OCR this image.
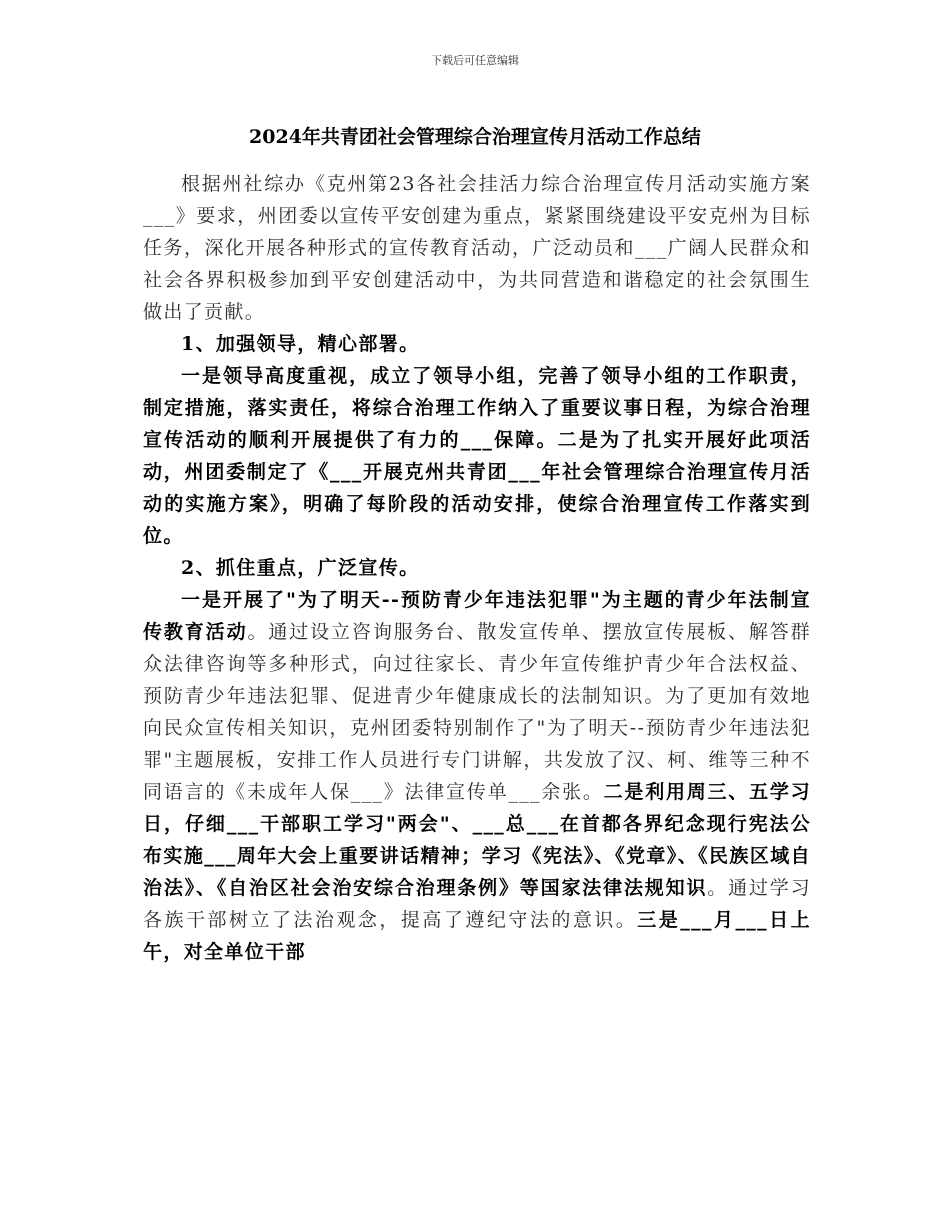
下载后可任意编辑
2024年共青团社会管理综合治理宣传月活动工作总结

根据州社综办《克州第23各社会挂活力综合治理宣传月活动实施方案___》要求，州团委以宣传平安创建为重点，紧紧围绕建设平安克州为目标任务，深化开展各种形式的宣传教育活动，广泛动员和___广阔人民群众和社会各界积极参加到平安创建活动中，为共同营造和谐稳定的社会氛围生做出了贡献。

1、加强领导，精心部署。

一是领导高度重视，成立了领导小组，完善了领导小组的工作职责，制定措施，落实责任，将综合治理工作纳入了重要议事日程，为综合治理宣传活动的顺利开展提供了有力的___保障。二是为了扎实开展好此项活动，州团委制定了《___开展克州共青团___年社会管理综合治理宣传月活动的实施方案》，明确了每阶段的活动安排，使综合治理宣传工作落实到位。

2、抓住重点，广泛宣传。

一是开展了"为了明天--预防青少年违法犯罪"为主题的青少年法制宣传教育活动。通过设立咨询服务台、散发宣传单、摆放宣传展板、解答群众法律咨询等多种形式，向过往家长、青少年宣传维护青少年合法权益、预防青少年违法犯罪、促进青少年健康成长的法制知识。为了更加有效地向民众宣传相关知识，克州团委特别制作了"为了明天--预防青少年违法犯罪"主题展板，安排工作人员进行专门讲解，共发放了汉、柯、维等三种不同语言的《未成年人保___》法律宣传单___余张。二是利用周三、五学习日，仔细___干部职工学习"两会"、___总___在首都各界纪念现行宪法公布实施___周年大会上重要讲话精神；学习《宪法》、《党章》、《民族区域自治法》、《自治区社会治安综合治理条例》等国家法律法规知识。通过学习各族干部树立了法治观念，提高了遵纪守法的意识。三是___月___日上午，对全单位干部
